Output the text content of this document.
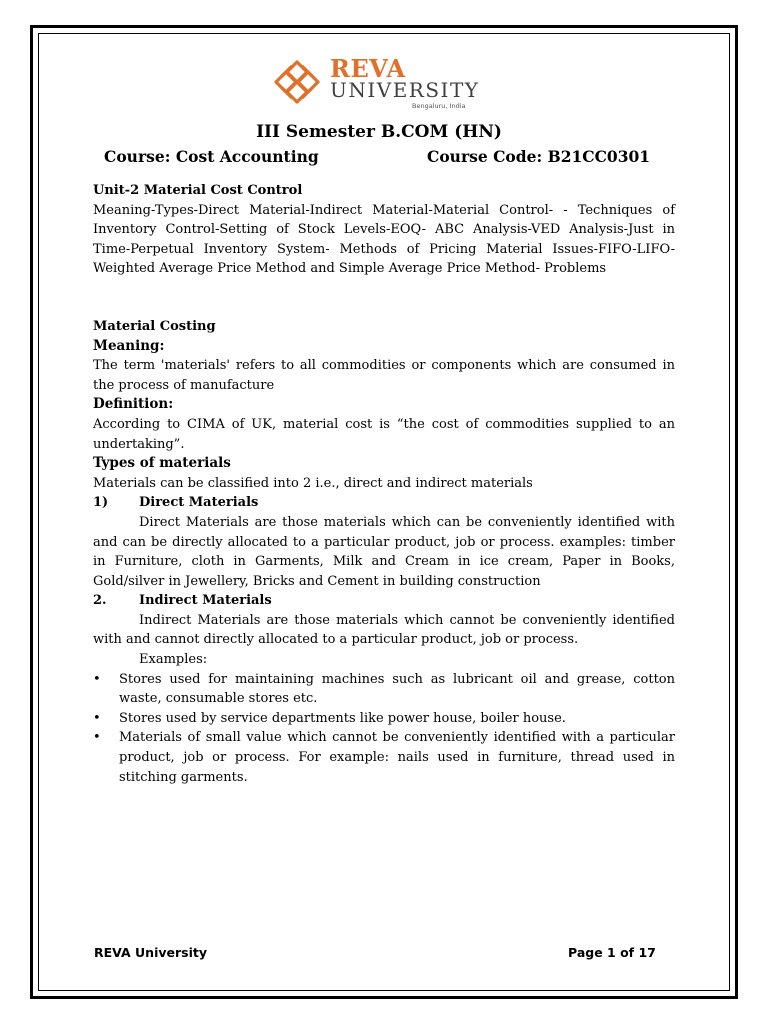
REVA
UNIVERSITY
Bengaluru, India
III Semester B.COM (HN)
Course: Cost Accounting	Course Code: B21CC0301

Unit-2 Material Cost Control

Meaning-Types-Direct Material-Indirect Material-Material Control- - Techniques of Inventory Control-Setting of Stock Levels-EOQ- ABC Analysis-VED Analysis-Just in Time-Perpetual Inventory System- Methods of Pricing Material Issues-FIFO-LIFO-Weighted Average Price Method and Simple Average Price Method- Problems

Material Costing

Meaning:

The term 'materials' refers to all commodities or components which are consumed in the process of manufacture

Definition:

According to CIMA of UK, material cost is “the cost of commodities supplied to an undertaking”.

Types of materials

Materials can be classified into 2 i.e., direct and indirect materials

1)	Direct Materials

Direct Materials are those materials which can be conveniently identified with and can be directly allocated to a particular product, job or process. examples: timber in Furniture, cloth in Garments, Milk and Cream in ice cream, Paper in Books, Gold/silver in Jewellery, Bricks and Cement in building construction

2.	Indirect Materials

Indirect Materials are those materials which cannot be conveniently identified with and cannot directly allocated to a particular product, job or process.

Examples:

• Stores used for maintaining machines such as lubricant oil and grease, cotton waste, consumable stores etc.
• Stores used by service departments like power house, boiler house.
• Materials of small value which cannot be conveniently identified with a particular product, job or process. For example: nails used in furniture, thread used in stitching garments.
REVA University	Page 1 of 17
